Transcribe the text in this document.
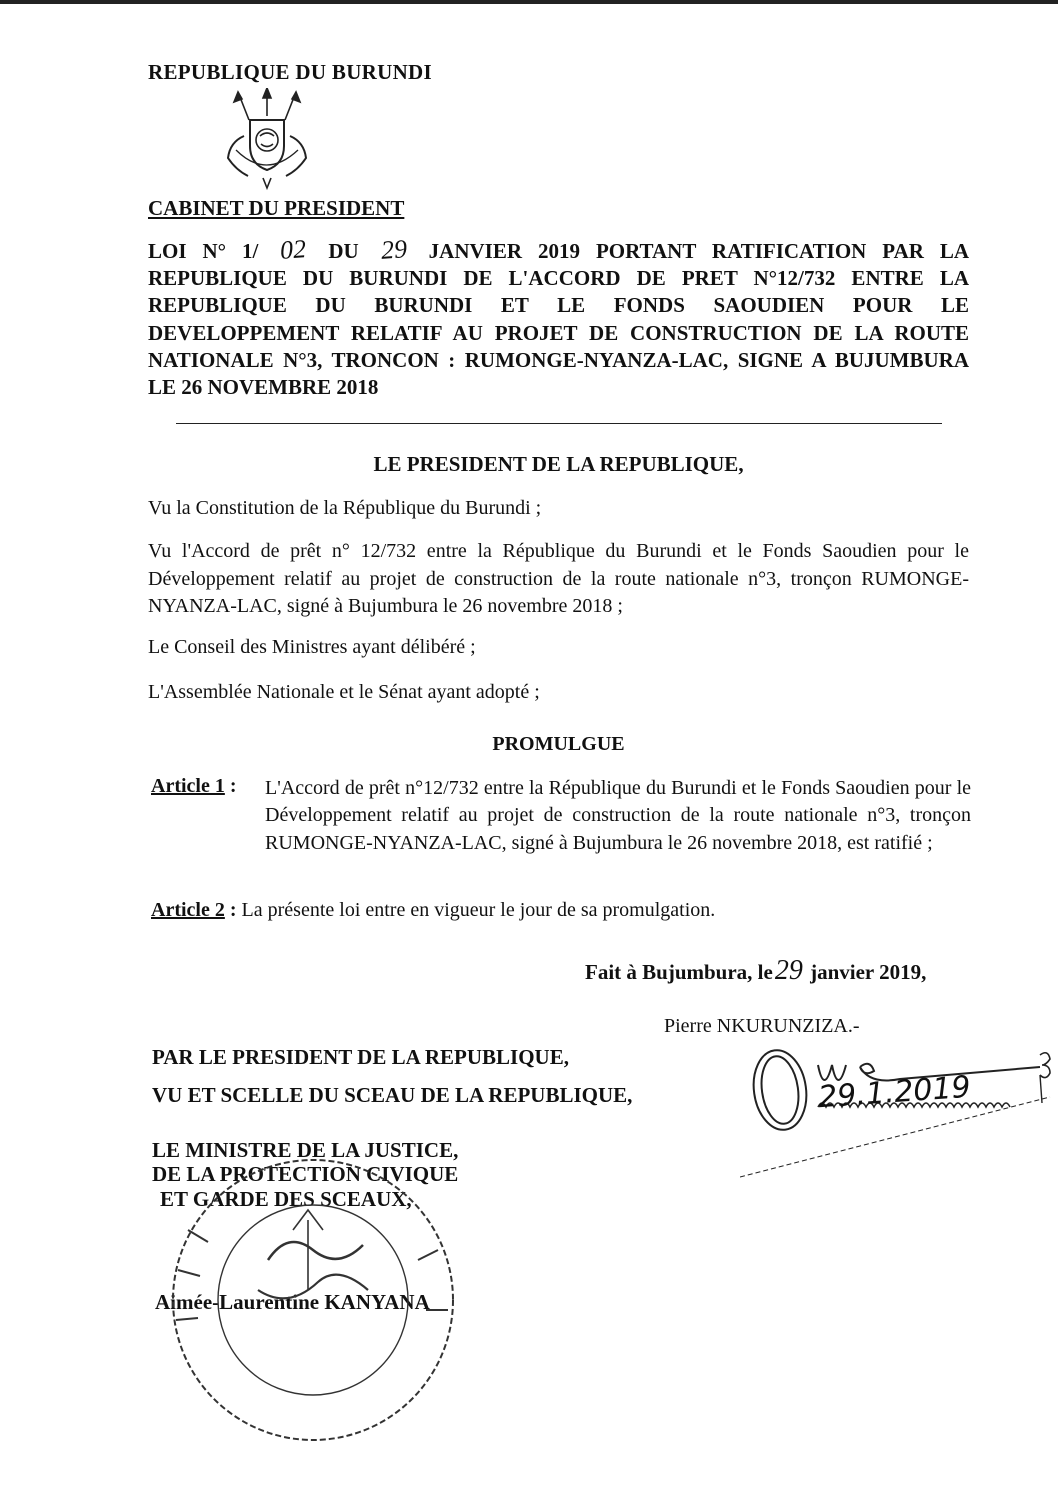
REPUBLIQUE DU BURUNDI
CABINET DU PRESIDENT
LOI N° 1/ 02 DU 29 JANVIER 2019 PORTANT RATIFICATION PAR LA REPUBLIQUE DU BURUNDI DE L'ACCORD DE PRET N°12/732 ENTRE LA REPUBLIQUE DU BURUNDI ET LE FONDS SAOUDIEN POUR LE DEVELOPPEMENT RELATIF AU PROJET DE CONSTRUCTION DE LA ROUTE NATIONALE N°3, TRONCON : RUMONGE-NYANZA-LAC, SIGNE A BUJUMBURA LE 26 NOVEMBRE 2018
LE PRESIDENT DE LA REPUBLIQUE,
Vu la Constitution de la République du Burundi ;
Vu l'Accord de prêt n° 12/732 entre la République du Burundi et le Fonds Saoudien pour le Développement relatif au projet de construction de la route nationale n°3, tronçon RUMONGE-NYANZA-LAC, signé à Bujumbura le 26 novembre 2018 ;
Le Conseil des Ministres ayant délibéré ;
L'Assemblée Nationale et le Sénat ayant adopté ;
PROMULGUE
Article 1 : L'Accord de prêt n°12/732 entre la République du Burundi et le Fonds Saoudien pour le Développement relatif au projet de construction de la route nationale n°3, tronçon RUMONGE-NYANZA-LAC, signé à Bujumbura le 26 novembre 2018, est ratifié ;
Article 2 : La présente loi entre en vigueur le jour de sa promulgation.
Fait à Bujumbura, le29 janvier 2019,
Pierre NKURUNZIZA.-
PAR LE PRESIDENT DE LA REPUBLIQUE,
VU ET SCELLE DU SCEAU DE LA REPUBLIQUE,
LE MINISTRE DE LA JUSTICE,
DE LA PROTECTION CIVIQUE
ET GARDE DES SCEAUX,
Aimée-Laurentine KANYANA
29.1.2019
